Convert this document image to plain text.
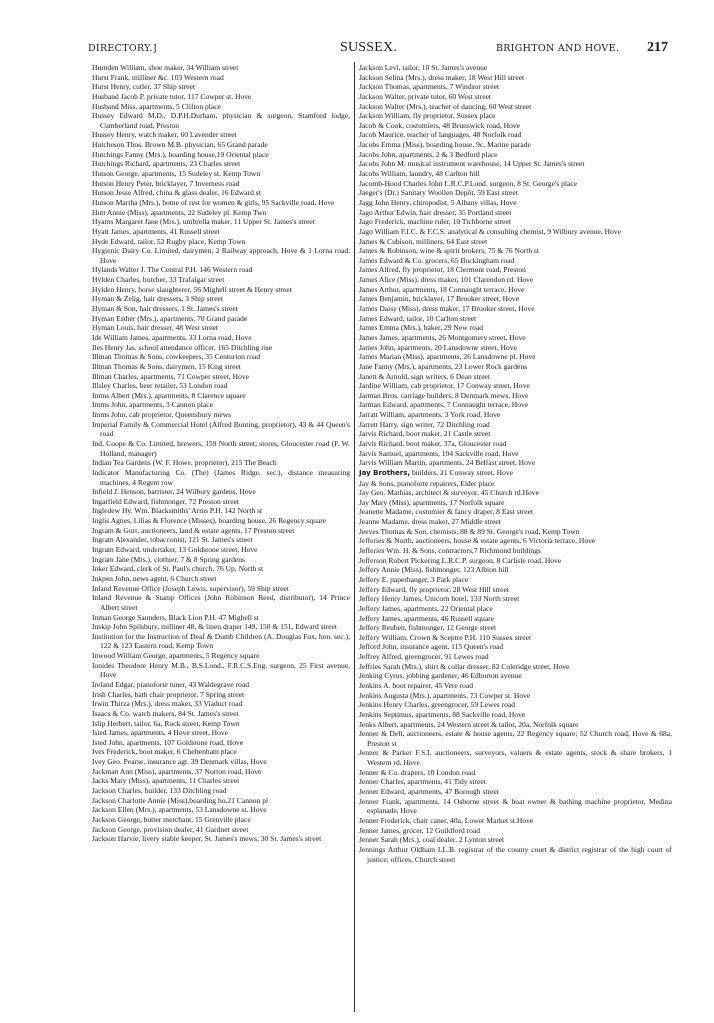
DIRECTORY.]	SUSSEX.	BRIGHTON AND HOVE. 217

Hurnden William, shoe maker, 34 William street

Hurst Frank, milliner &c. 103 Western road

Hurst Henry, cutler, 37 Ship street

Husband Jacob P. private tutor, 117 Cowper st. Hove

Husband Miss, apartments, 5 Clifton place

Hussey Edward M.D., D.P.H.Durham, physician & surgeon, Stamford lodge, Cumberland road, Preston

Hussey Henry, watch maker, 60 Lavender street

Hutcheson Thos. Brown M.B. physician, 65 Grand parade

Hutchings Fanny (Mrs.), boarding house,19 Oriental place

Hutchings Richard, apartments, 23 Charles street

Hutson George, apartments, 15 Sudeley st. Kemp Town

Hutson Henry Peter, bricklayer, 7 Inverness road

Hutson Jesse Alfred, china & glass dealer, 16 Edward st

Hutson Martha (Mrs.), home of rest for women & girls, 95 Sackville road, Hove

Hutt Annie (Miss), apartments, 22 Sudeley pl. Kemp Twn

Hyams Margaret Jane (Mrs.), umbrella maker, 11 Upper St. James's street

Hyatt James, apartments, 41 Russell street

Hyde Edward, tailor, 52 Rugby place, Kemp Town

Hygienic Dairy Co. Limited, dairymen, 2 Railway approach, Hove & 1 Lorna road, Hove

Hylands Walter J. The Central P.H. 146 Western road

Hylden Charles, butcher, 33 Trafalgar street

Hylden Henry, horse slaughterer, 56 Mighell street & Henry street

Hyman & Zelig, hair dressers, 3 Ship street

Hyman & Son, hair dressers, 1 St. James's street

Hyman Esther (Mrs.), apartments, 70 Grand parade

Hyman Louis, hair dresser, 48 West street

Ide William James, apartments, 33 Lorna road, Hove

Iles Henry Jas. school attendance officer, 165 Ditchling rise

Illman Thomas & Sons, cowkeepers, 35 Centurion road

Illman Thomas & Sons, dairymen, 15 King street

Illman Charles, apartments, 71 Cowper street, Hove

Illsley Charles, beer retailer, 53 London road

Imms Albert (Mrs.), apartments, 8 Clarence square

Imms John, apartments, 3 Cannon place

Imms John, cab proprietor, Queensbury mews

Imperial Family & Commercial Hotel (Alfred Bunting, proprietor), 43 & 44 Queen's road

Ind, Coope & Co. Limited, brewers, 159 North street; stores, Gloucester road (F. W. Holland, manager)

Indian Tea Gardens (W. F. Howe, proprietor), 215 The Beach

Indicator Manufacturing Co. (The) (James Ridge, sec.), distance measuring machines, 4 Regent row

Infield J. Henson, barrister, 24 Wilbury gardens, Hove

Ingarfield Edward, fishmonger, 72 Preston street

Ingledew Hy. Wm. Blacksmiths' Arms P.H. 142 North st

Inglis Agnes, Lilias & Florence (Misses), boarding house, 26 Regency square

Ingram & Gurr, auctioneers, land & estate agents, 17 Preston street

Ingram Alexander, tobacconist, 121 St. James's street

Ingram Edward, undertaker, 13 Goldstone street, Hove

Ingram Jane (Mrs.), clothier, 7 & 8 Spring gardens

Inker Edward, clerk of St. Paul's church, 76 Up. North st

Inkpen John, news agent, 6 Church street

Inland Revenue Office (Joseph Lewis, supervisor), 59 Ship street

Inland Revenue & Stamp Offices (John Robinson Reed, distributor), 14 Prince Albert street

Inman George Saunders, Black Lion P.H. 47 Mighell st

Inskip John Spilsbury, milliner 48, & linen draper 149, 150 & 151, Edward street

Institution for the Instruction of Deaf & Dumb Children (A. Douglas Fox, hon. sec.), 122 & 123 Eastern road, Kemp Town

Inwood William George, apartments, 5 Regency square

Ionides Theodore Henry M.B., B.S.Lond., F.R.C.S.Eng. surgeon, 25 First avenue, Hove

Ireland Edgar, pianoforte tuner, 43 Waldegrave road

Irish Charles, bath chair proprietor, 7 Spring street

Irwin Thirza (Mrs.), dress maker, 33 Viaduct road

Isaacs & Co. watch makers, 84 St. James's street

Islip Herbert, tailor, 6a, Rock street, Kemp Town

Isted James, apartments, 4 Hove street, Hove

Isted John, apartments, 107 Goldstone road, Hove

Ives Frederick, boot maker, 6 Cheltenham place

Ivey Geo. Pearse, insurance agt. 39 Denmark villas, Hove

Jackman Ann (Miss), apartments, 37 Norton road, Hove

Jacks Mary (Miss), apartments, 11 Charles street

Jackson Charles, builder, 133 Ditchling road

Jackson Charlotte Annie (Miss),boarding ho.21 Cannon pl

Jackson Ellen (Mrs.), apartments, 53 Lansdowne st. Hove

Jackson George, butter merchant, 15 Grenville place

Jackson George, provision dealer, 41 Gardner street

Jackson Harvie, livery stable keeper, St. James's mews, 30 St. James's street

Jackson Levi, tailor, 10 St. James's avenue

Jackson Selina (Mrs.), dress maker, 18 West Hill street

Jackson Thomas, apartments, 7 Windsor street

Jackson Walter, private tutor, 60 West street

Jackson Walter (Mrs.), teacher of dancing, 60 West street

Jackson William, fly proprietor, Sussex place

Jacob & Cook, costumiers, 48 Brunswick road, Hove

Jacob Maurice, teacher of languages, 48 Norfolk road

Jacobs Emma (Miss), boarding house, 9c, Marine parade

Jacobs John, apartments, 2 & 3 Bedford place

Jacobs John M. musical instrument warehouse, 14 Upper St. James's street

Jacobs William, laundry, 48 Carlton hill

Jacomb-Hood Charles John L.R.C.P.Lond. surgeon, 8 St. George's place

Jaeger's (Dr.) Sanitary Woollen Depôt, 59 East street

Jagg John Henry, chiropodist, 5 Albany villas, Hove

Jago Arthur Edwin, hair dresser, 35 Portland street

Jago Frederick, machine ruler, 10 Tichborne street

Jago William F.I.C. & F.C.S. analytical & consulting chemist, 9 Wilbury avenue, Hove

James & Cubison, milliners, 64 East street

James & Robinson, wine & spirit brokers, 75 & 76 North st

James Edward & Co. grocers, 65 Buckingham road

James Alfred, fly proprietor, 18 Clermont road, Preston

James Alice (Miss), dress maker, 101 Clarendon rd. Hove

James Arthur, apartments, 18 Connaught terrace, Hove

James Benjamin, bricklayer, 17 Brooker street, Hove

James Daisy (Miss), dress maker, 17 Brooker street, Hove

James Edward, tailor, 10 Carlton street

James Emma (Mrs.), baker, 29 New road

James James, apartments, 26 Montgomery street, Hove

James John, apartments, 20 Lansdowne street, Hove

James Marian (Miss), apartments, 26 Lansdowne pl. Hove

Jane Fanny (Mrs.), apartments, 23 Lower Rock gardens

Janett & Arnold, sign writers, 6 Dean street

Jardine William, cab proprietor, 17 Conway street, Hove

Jarman Bros. carriage builders, 8 Denmark mews, Hove

Jarman Edward, apartments, 7 Connaught terrace, Hove

Jarratt William, apartments, 3 York road, Hove

Jarrett Harry, sign writer, 72 Ditchling road

Jarvis Richard, boot maker, 21 Castle street

Jarvis Richard, boot maker, 37a, Gloucester road

Jarvis Samuel, apartments, 104 Sackville road, Hove

Jarvis William Martin, apartments, 24 Belfast street, Hove

Jay Brothers, builders, 21 Conway street, Hove

Jay & Sons, pianoforte repairers, Elder place

Jay Geo. Mathias, architect & surveyor, 45 Church rd.Hove

Jay Mary (Miss), apartments, 17 Norfolk square

Jeanette Madame, costumier & fancy draper, 8 East street

Jeanne Madame, dress maker, 27 Middle street

Jeeves Thomas & Son, chemists, 88 & 89 St. George's road, Kemp Town

Jefferies & North, auctioneers, house & estate agents, 6 Victoria terrace, Hove

Jefferies Wm. H. & Sons, contractors,7 Richmond buildings

Jefferson Robert Pickering L.R.C.P. surgeon, 8 Carlisle road, Hove

Jeffery Annie (Miss), fishmonger, 123 Albion hill

Jeffery E. paperhanger, 3 Park place

Jeffery Edward, fly proprietor, 28 West Hill street

Jeffery Henry James, Unicorn hotel, 133 North street

Jeffery James, apartments, 22 Oriental place

Jeffery James, apartments, 46 Russell square

Jeffery Reuben, fishmonger, 12 George street

Jeffery William, Crown & Sceptre P.H. 110 Sussex street

Jefford John, insurance agent, 115 Queen's road

Jeffrey Alfred, greengrocer, 91 Lewes road

Jeffries Sarah (Mrs.), shirt & collar dresser, 82 Coleridge street, Hove

Jenking Cyrus, jobbing gardener, 46 Edburton avenue

Jenkins A. boot repairer, 45 Vere road

Jenkins Augusta (Mrs.), apartments, 73 Cowper st. Hove

Jenkins Henry Charles, greengrocer, 59 Lewes road

Jenkins Septimus, apartments, 88 Sackville road, Hove

Jenks Albert, apartments, 24 Western street & tailor, 20a, Norfolk square

Jenner & Dell, auctioneers, estate & house agents, 22 Regency square; 52 Church road, Hove & 68a, Preston st

Jenner & Parker F.S.I. auctioneers, surveyors, valuers & estate agents, stock & share brokers, 1 Western rd. Hove

Jenner & Co. drapers, 10 London road

Jenner Charles, apartments, 41 Tidy street

Jenner Edward, apartments, 47 Borough street

Jenner Frank, apartments, 14 Osborne street & boat owner & bathing machine proprietor, Medina esplanade, Hove

Jenner Frederick, chair caner, 40a, Lower Market st.Hove

Jenner James, grocer, 12 Guildford road

Jenner Sarah (Mrs.), coal dealer, 2 Lynton street

Jennings Arthur Oldham LL.B. registrar of the county court & district registrar of the high court of justice; offices, Church street
